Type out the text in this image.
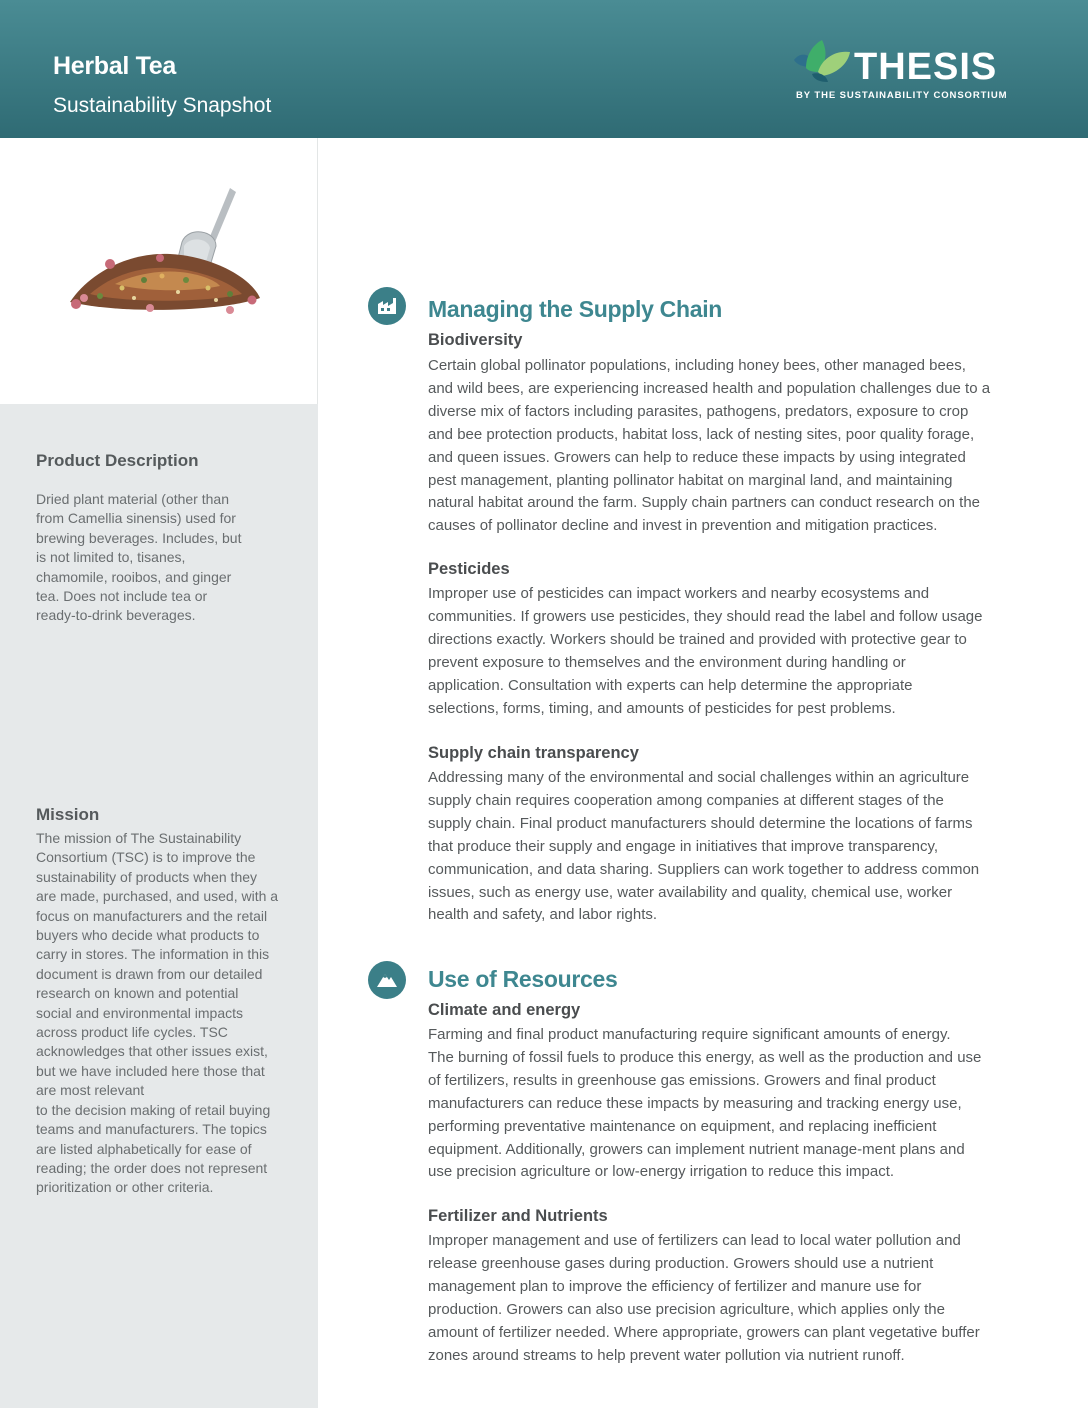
Herbal Tea
Sustainability Snapshot
THESIS
BY THE SUSTAINABILITY CONSORTIUM
Product Description
Dried plant material (other than
from Camellia sinensis) used for
brewing beverages. Includes, but
is not limited to, tisanes,
chamomile, rooibos, and ginger
tea. Does not include tea or
ready-to-drink beverages.
Mission
The mission of The Sustainability
Consortium (TSC) is to improve the
sustainability of products when they
are made, purchased, and used, with a
focus on manufacturers and the retail
buyers who decide what products to
carry in stores. The information in this
document is drawn from our detailed
research on known and potential
social and environmental impacts
across product life cycles. TSC
acknowledges that other issues exist,
but we have included here those that
are most relevant
to the decision making of retail buying
teams and manufacturers. The topics
are listed alphabetically for ease of
reading; the order does not represent
prioritization or other criteria.
Managing the Supply Chain
Biodiversity
Certain global pollinator populations, including honey bees, other managed bees,
and wild bees, are experiencing increased health and population challenges due to a
diverse mix of factors including parasites, pathogens, predators, exposure to crop
and bee protection products, habitat loss, lack of nesting sites, poor quality forage,
and queen issues. Growers can help to reduce these impacts by using integrated
pest management, planting pollinator habitat on marginal land, and maintaining
natural habitat around the farm. Supply chain partners can conduct research on the
causes of pollinator decline and invest in prevention and mitigation practices.
Pesticides
Improper use of pesticides can impact workers and nearby ecosystems and
communities. If growers use pesticides, they should read the label and follow usage
directions exactly. Workers should be trained and provided with protective gear to
prevent exposure to themselves and the environment during handling or
application. Consultation with experts can help determine the appropriate
selections, forms, timing, and amounts of pesticides for pest problems.
Supply chain transparency
Addressing many of the environmental and social challenges within an agriculture
supply chain requires cooperation among companies at different stages of the
supply chain. Final product manufacturers should determine the locations of farms
that produce their supply and engage in initiatives that improve transparency,
communication, and data sharing. Suppliers can work together to address common
issues, such as energy use, water availability and quality, chemical use, worker
health and safety, and labor rights.
Use of Resources
Climate and energy
Farming and final product manufacturing require significant amounts of energy.
The burning of fossil fuels to produce this energy, as well as the production and use
of fertilizers, results in greenhouse gas emissions. Growers and final product
manufacturers can reduce these impacts by measuring and tracking energy use,
performing preventative maintenance on equipment, and replacing inefficient
equipment. Additionally, growers can implement nutrient manage-ment plans and
use precision agriculture or low-energy irrigation to reduce this impact.
Fertilizer and Nutrients
Improper management and use of fertilizers can lead to local water pollution and
release greenhouse gases during production. Growers should use a nutrient
management plan to improve the efficiency of fertilizer and manure use for
production. Growers can also use precision agriculture, which applies only the
amount of fertilizer needed. Where appropriate, growers can plant vegetative buffer
zones around streams to help prevent water pollution via nutrient runoff.
